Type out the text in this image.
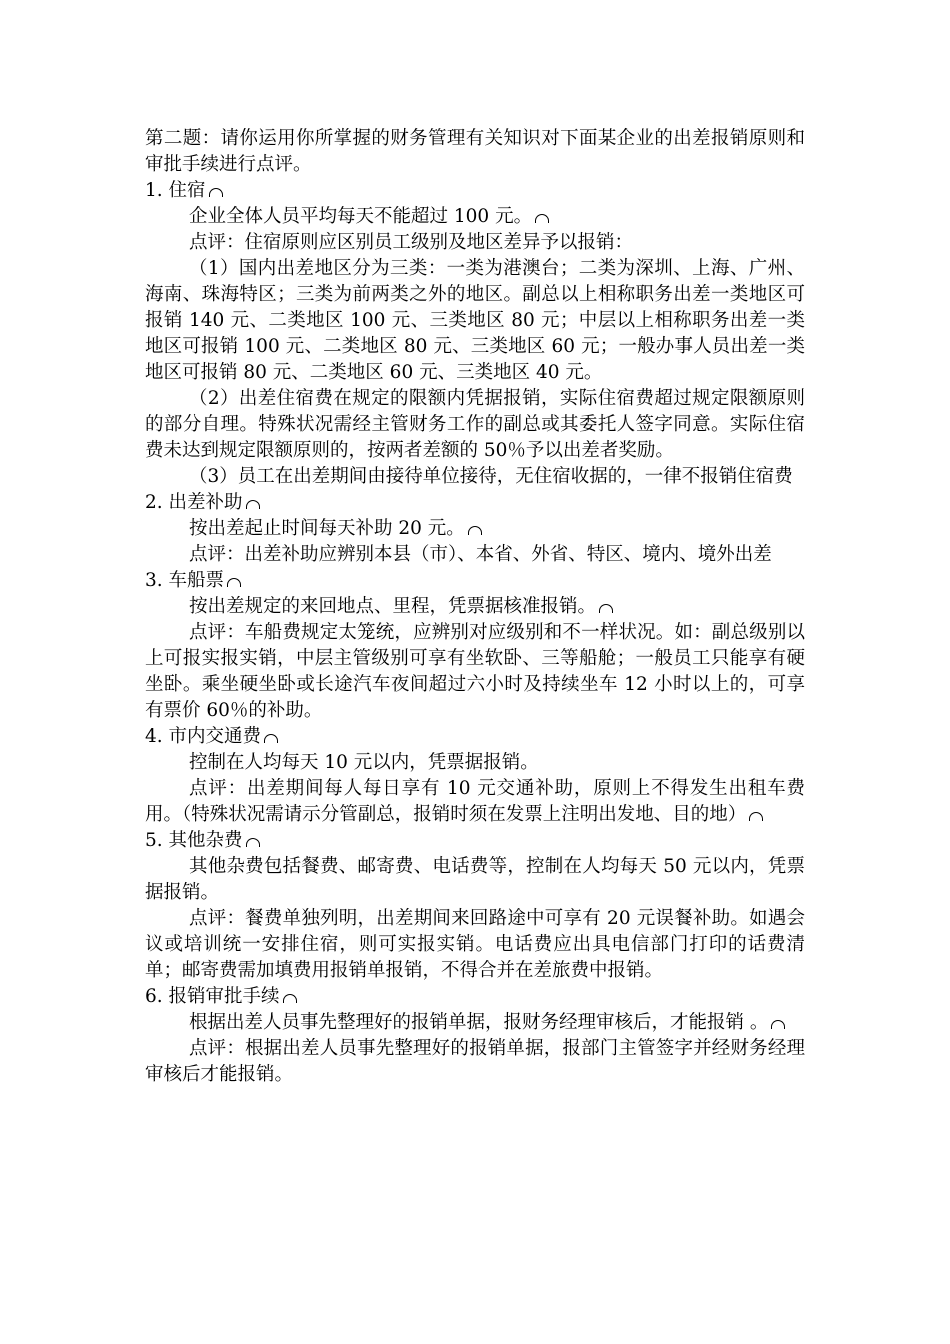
第二题：请你运用你所掌握的财务管理有关知识对下面某企业的出差报销原则和审批手续进行点评。

1. 住宿

企业全体人员平均每天不能超过 100 元。

点评：住宿原则应区别员工级别及地区差异予以报销：

（1）国内出差地区分为三类：一类为港澳台；二类为深圳、上海、广州、海南、珠海特区；三类为前两类之外的地区。副总以上相称职务出差一类地区可报销 140 元、二类地区 100 元、三类地区 80 元；中层以上相称职务出差一类地区可报销 100 元、二类地区 80 元、三类地区 60 元；一般办事人员出差一类地区可报销 80 元、二类地区 60 元、三类地区 40 元。

（2）出差住宿费在规定的限额内凭据报销，实际住宿费超过规定限额原则的部分自理。特殊状况需经主管财务工作的副总或其委托人签字同意。实际住宿费未达到规定限额原则的，按两者差额的 50％予以出差者奖励。

（3）员工在出差期间由接待单位接待，无住宿收据的，一律不报销住宿费

2. 出差补助

按出差起止时间每天补助 20 元。

点评：出差补助应辨别本县（市）、本省、外省、特区、境内、境外出差

3. 车船票

按出差规定的来回地点、里程，凭票据核准报销。

点评：车船费规定太笼统，应辨别对应级别和不一样状况。如：副总级别以上可报实报实销，中层主管级别可享有坐软卧、三等船舱；一般员工只能享有硬坐卧。乘坐硬坐卧或长途汽车夜间超过六小时及持续坐车 12 小时以上的，可享有票价 60％的补助。

4. 市内交通费

控制在人均每天 10 元以内，凭票据报销。

点评：出差期间每人每日享有 10 元交通补助，原则上不得发生出租车费用。（特殊状况需请示分管副总，报销时须在发票上注明出发地、目的地）

5. 其他杂费

其他杂费包括餐费、邮寄费、电话费等，控制在人均每天 50 元以内，凭票据报销。

点评：餐费单独列明，出差期间来回路途中可享有 20 元误餐补助。如遇会议或培训统一安排住宿，则可实报实销。电话费应出具电信部门打印的话费清单；邮寄费需加填费用报销单报销，不得合并在差旅费中报销。

6. 报销审批手续

根据出差人员事先整理好的报销单据，报财务经理审核后，才能报销 。

点评：根据出差人员事先整理好的报销单据，报部门主管签字并经财务经理审核后才能报销。
